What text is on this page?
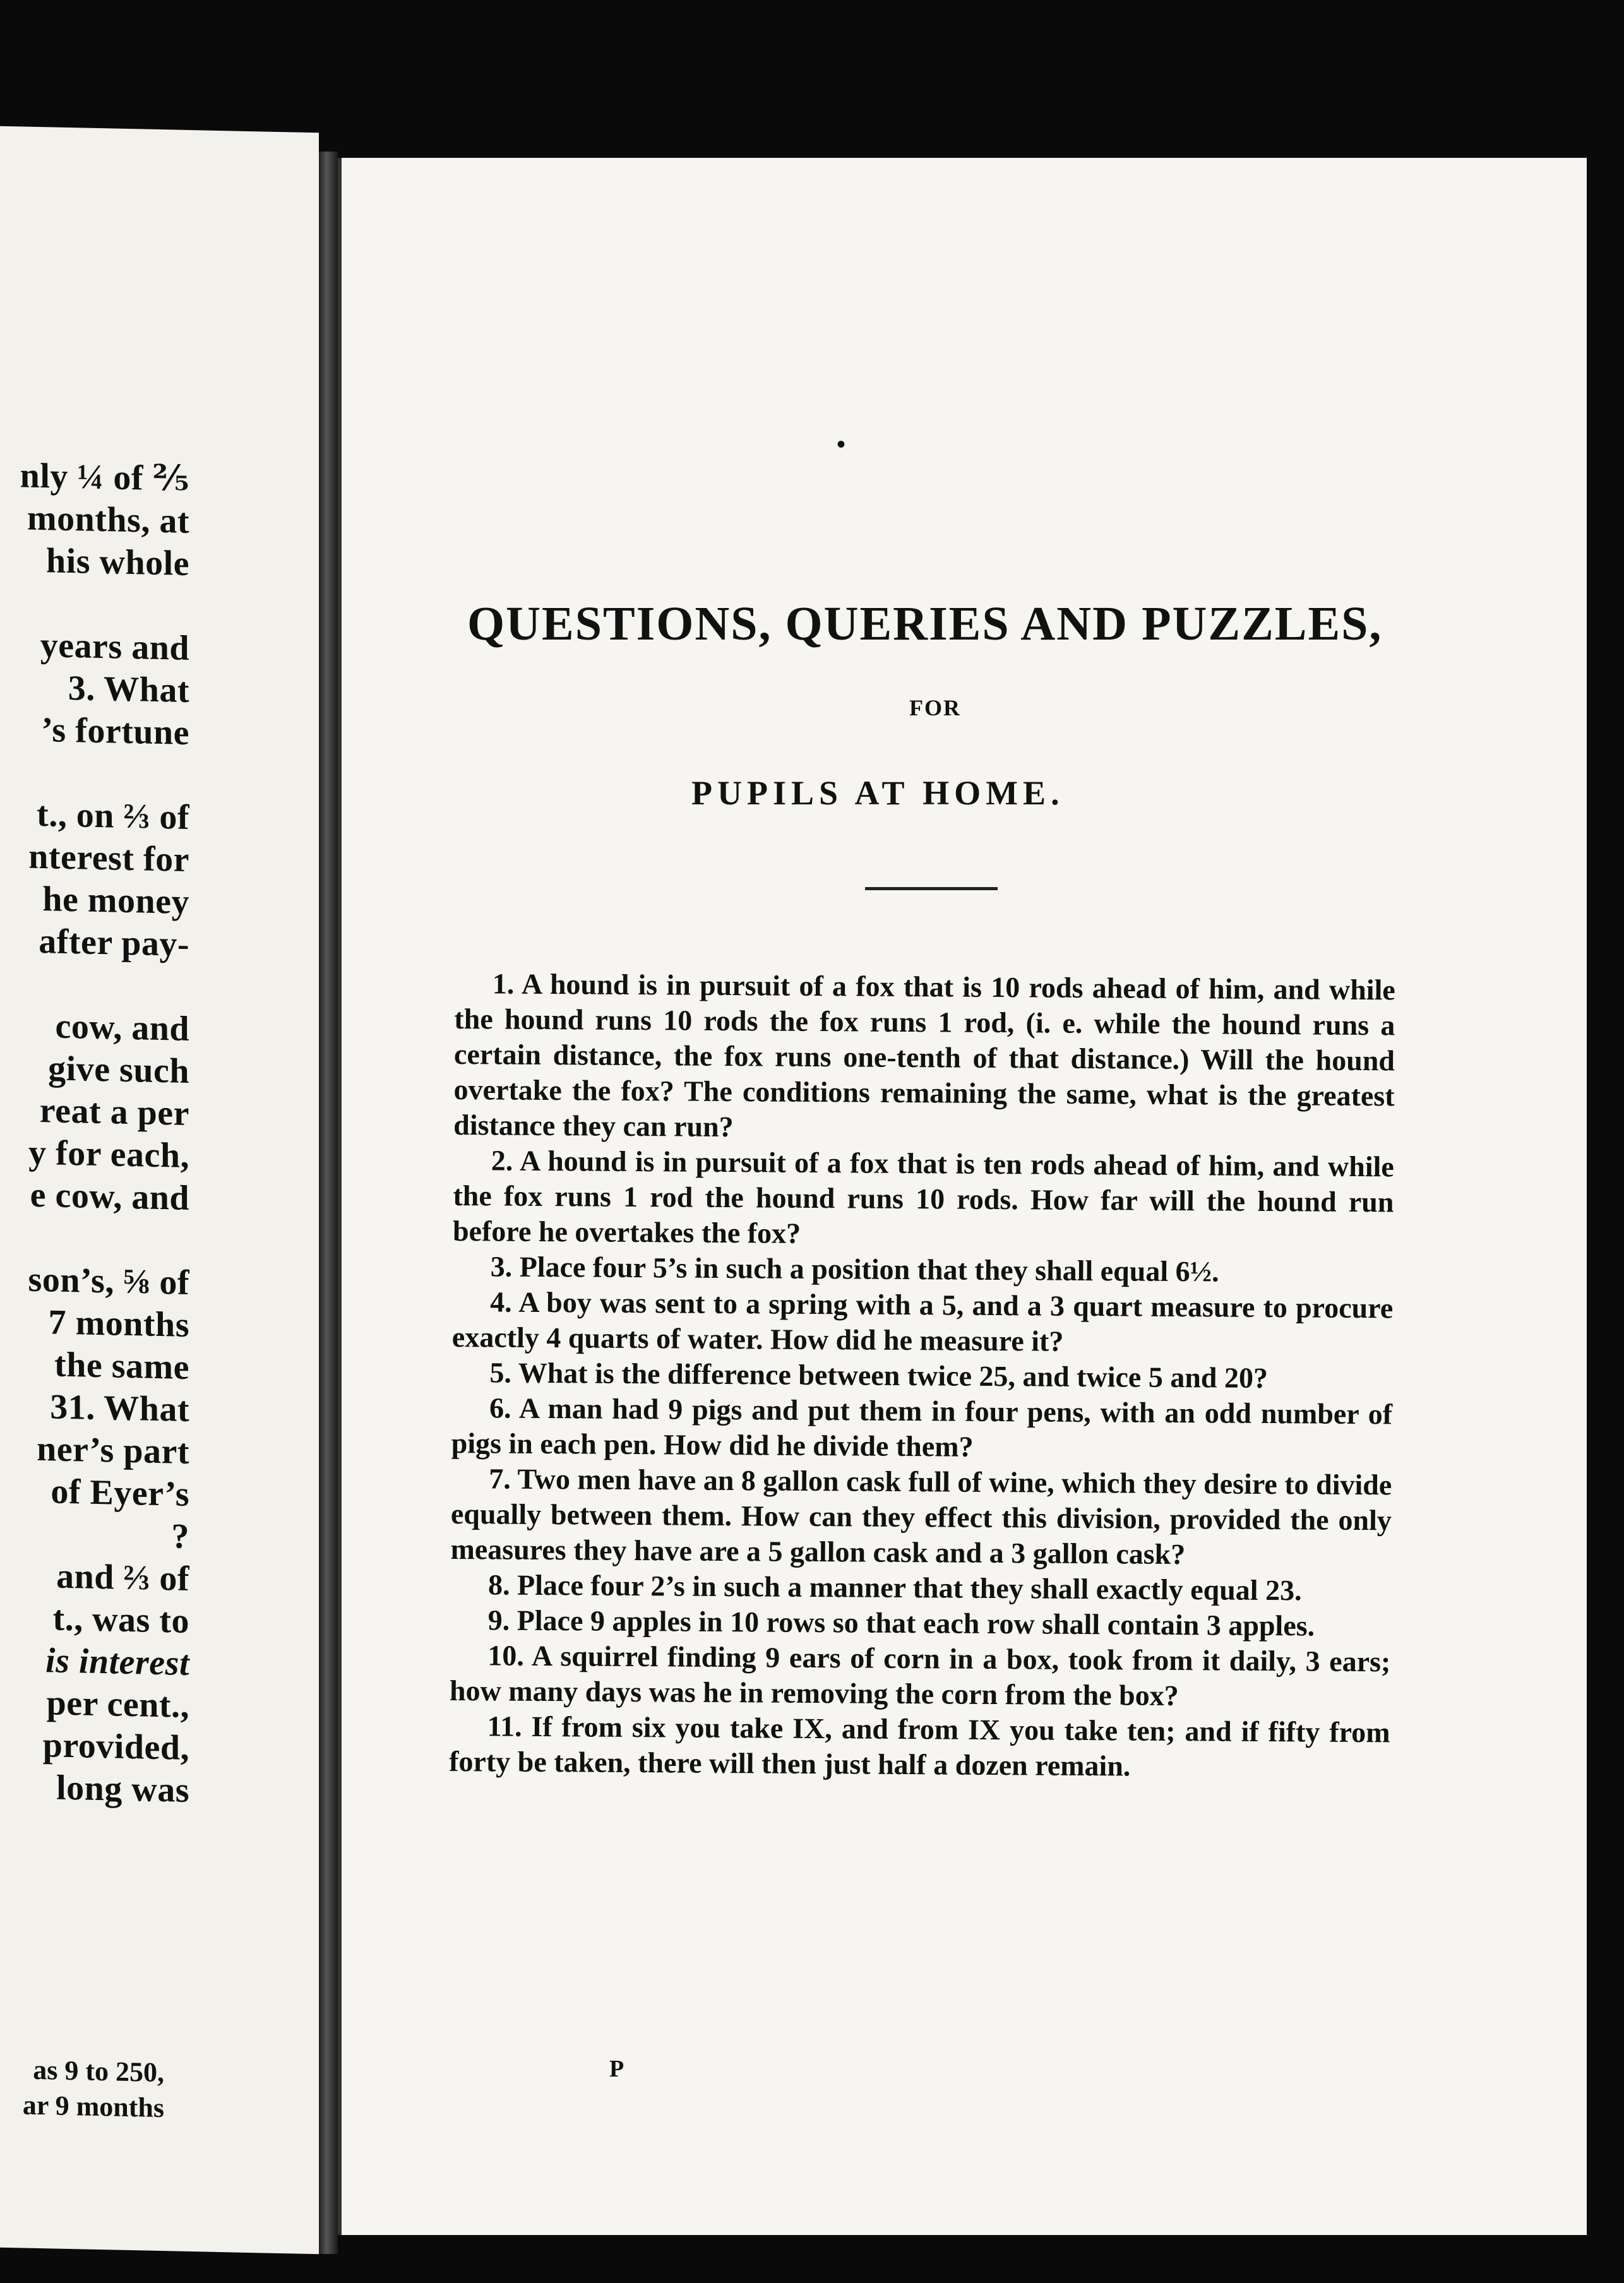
nly ¼ of ⅖
months, at
his whole
years and
3. What
’s fortune
t., on ⅔ of
nterest for
he money
after pay-
cow, and
give such
reat a per
y for each,
e cow, and
son’s, ⅝ of
7 months
the same
31. What
ner’s part
of Eyer’s
?
and ⅔ of
t., was to
is interest
per cent.,
provided,
long was
as 9 to 250,
ar 9 months
•
QUESTIONS, QUERIES AND PUZZLES,
FOR
PUPILS AT HOME.

1. A hound is in pursuit of a fox that is 10 rods ahead of him, and while the hound runs 10 rods the fox runs 1 rod, (i. e. while the hound runs a certain distance, the fox runs one-tenth of that distance.) Will the hound overtake the fox? The conditions remaining the same, what is the greatest distance they can run?

2. A hound is in pursuit of a fox that is ten rods ahead of him, and while the fox runs 1 rod the hound runs 10 rods. How far will the hound run before he overtakes the fox?

3. Place four 5’s in such a position that they shall equal 6½.

4. A boy was sent to a spring with a 5, and a 3 quart measure to procure exactly 4 quarts of water. How did he measure it?

5. What is the difference between twice 25, and twice 5 and 20?

6. A man had 9 pigs and put them in four pens, with an odd number of pigs in each pen. How did he divide them?

7. Two men have an 8 gallon cask full of wine, which they desire to divide equally between them. How can they effect this division, provided the only measures they have are a 5 gallon cask and a 3 gallon cask?

8. Place four 2’s in such a manner that they shall exactly equal 23.

9. Place 9 apples in 10 rows so that each row shall contain 3 apples.

10. A squirrel finding 9 ears of corn in a box, took from it daily, 3 ears; how many days was he in removing the corn from the box?

11. If from six you take IX, and from IX you take ten; and if fifty from forty be taken, there will then just half a dozen remain.

P
